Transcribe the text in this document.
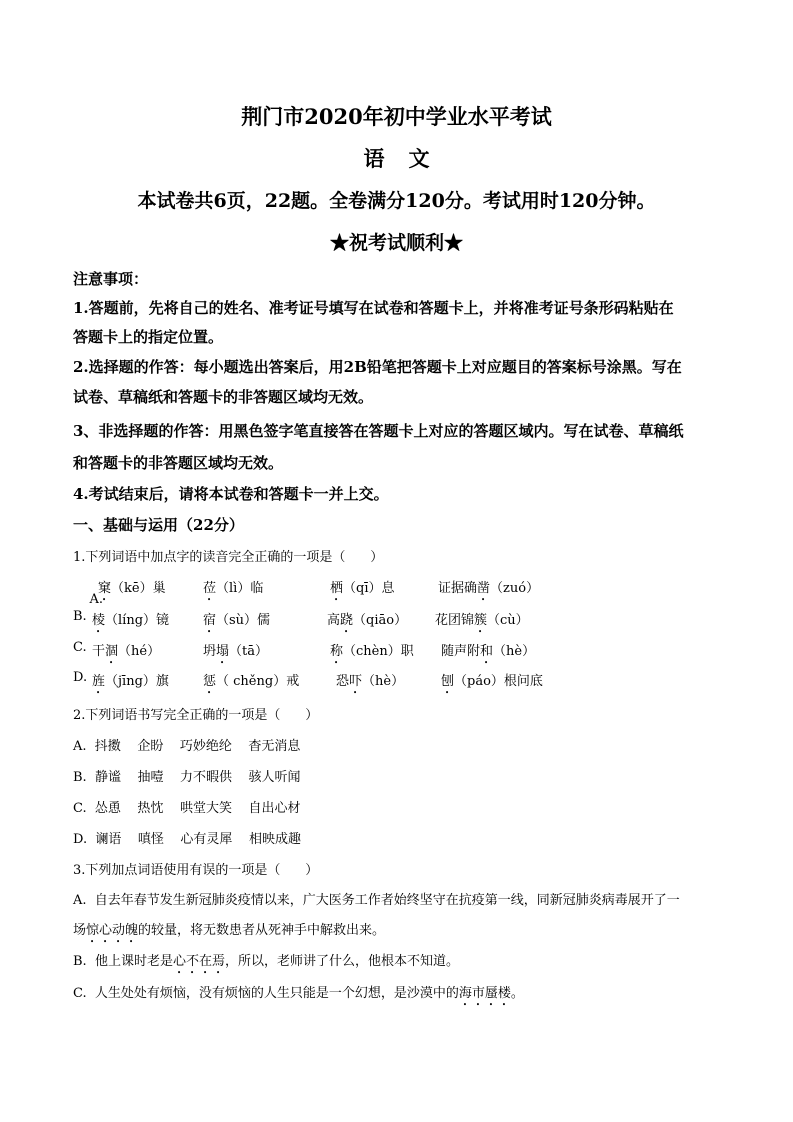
荆门市2020年初中学业水平考试
语文
本试卷共6页，22题。全卷满分120分。考试用时120分钟。
★祝考试顺利★
注意事项：
1.答题前，先将自己的姓名、准考证号填写在试卷和答题卡上，并将准考证号条形码粘贴在
答题卡上的指定位置。
2.选择题的作答：每小题选出答案后，用2B铅笔把答题卡上对应题目的答案标号涂黑。写在
试卷、草稿纸和答题卡的非答题区域均无效。
3、非选择题的作答：用黑色签字笔直接答在答题卡上对应的答题区域内。写在试卷、草稿纸
和答题卡的非答题区域均无效。
4.考试结束后，请将本试卷和答题卡一并上交。
一、基础与运用（22分）
1.下列词语中加点字的读音完全正确的一项是（      ）

A.

窠（kē）巢	莅（lì）临	栖（qī）息	证据确凿（zuó）
B. 棱（líng）镜	宿（sù）儒	高跷（qiāo） 花团锦簇（cù）
C. 干涸（hé）	坍塌（tā）	称（chèn）职 随声附和（hè）
D. 旌（jīng）旗	惩（ chěng）戒	恐吓（hè）	刨（páo）根问底
2.下列词语书写完全正确的一项是（      ）
A.  抖擞    企盼    巧妙绝纶    杳无消息
B.  静谧    抽噎    力不暇供    骇人听闻
C.  怂恿    热忱    哄堂大笑    自出心材
D.  谰语    嗔怪    心有灵犀    相映成趣
3.下列加点词语使用有误的一项是（      ）
A.  自去年春节发生新冠肺炎疫情以来，广大医务工作者始终坚守在抗疫第一线，同新冠肺炎病毒展开了一
场惊心动魄的较量，将无数患者从死神手中解救出来。
B.  他上课时老是心不在焉，所以，老师讲了什么，他根本不知道。
C.  人生处处有烦恼，没有烦恼的人生只能是一个幻想，是沙漠中的海市蜃楼。
